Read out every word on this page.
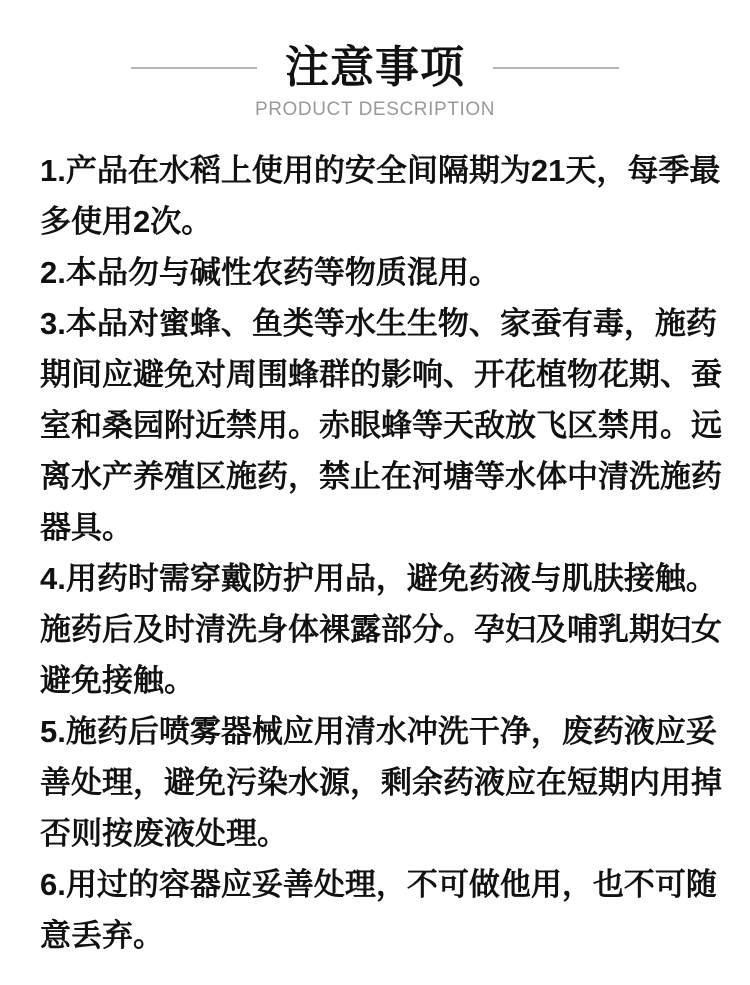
注意事项
PRODUCT DESCRIPTION

1.产品在水稻上使用的安全间隔期为21天，每季最
多使用2次。

2.本品勿与碱性农药等物质混用。

3.本品对蜜蜂、鱼类等水生生物、家蚕有毒，施药
期间应避免对周围蜂群的影响、开花植物花期、蚕
室和桑园附近禁用。赤眼蜂等天敌放飞区禁用。远
离水产养殖区施药，禁止在河塘等水体中清洗施药
器具。

4.用药时需穿戴防护用品，避免药液与肌肤接触。
施药后及时清洗身体裸露部分。孕妇及哺乳期妇女
避免接触。

5.施药后喷雾器械应用清水冲洗干净，废药液应妥
善处理，避免污染水源，剩余药液应在短期内用掉
否则按废液处理。

6.用过的容器应妥善处理，不可做他用，也不可随
意丢弃。
